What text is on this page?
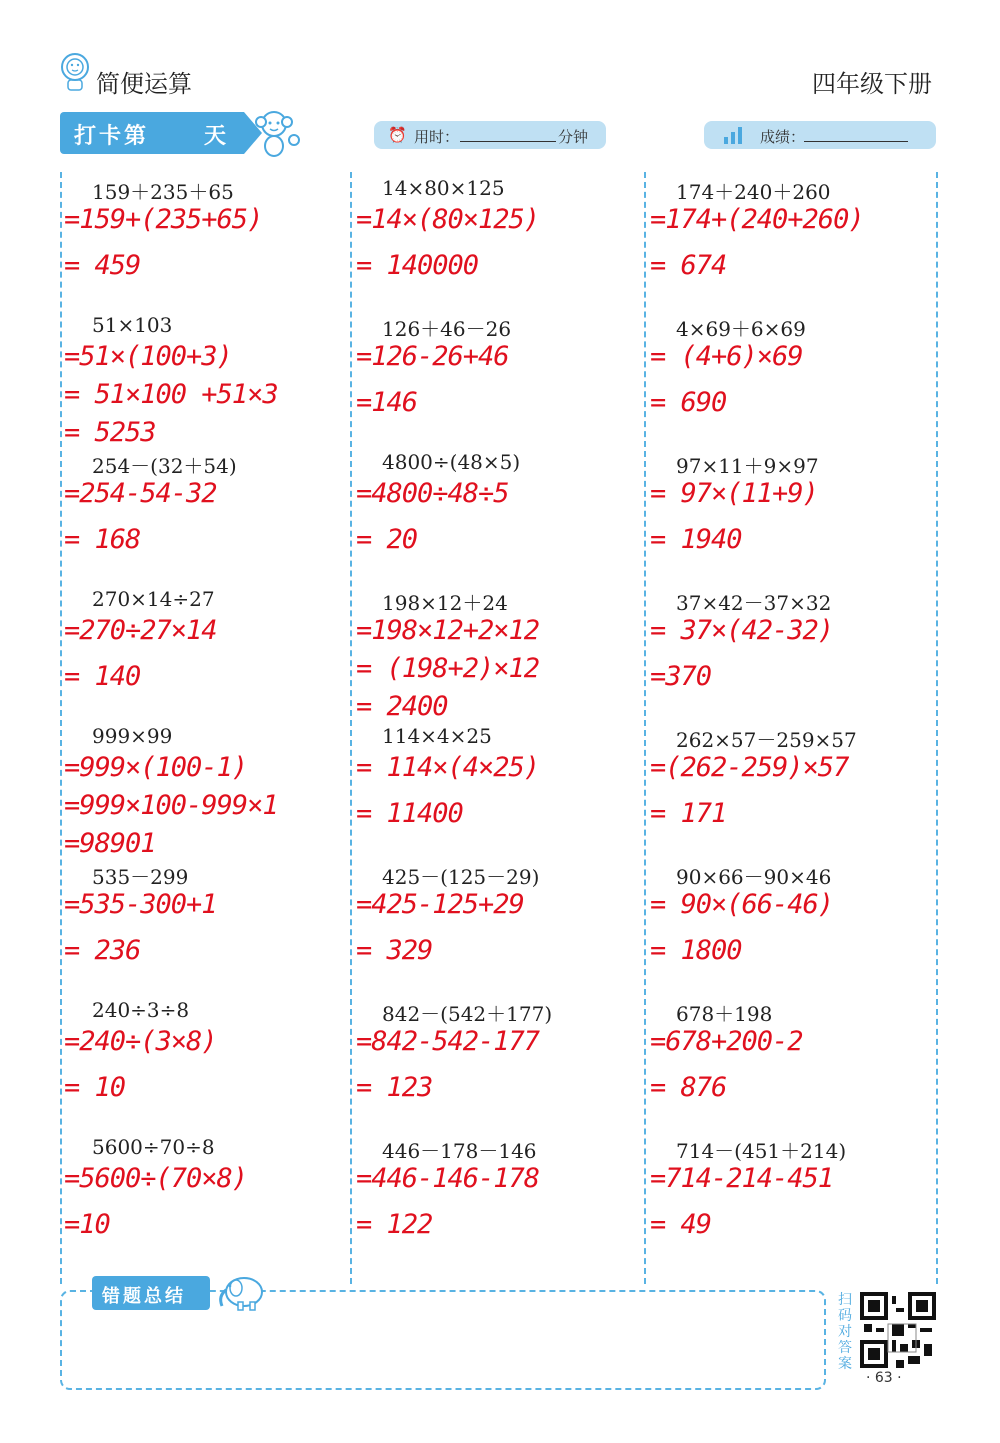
简便运算	四年级下册
打卡第 天	⏰ 用时：	分钟	成绩：
159＋235＋65
=159+(235+65)
= 459
51×103
=51×(100+3)
= 51×100 +51×3
= 5253
254－(32＋54)
=254-54-32
= 168
270×14÷27
=270÷27×14
= 140
999×99
=999×(100-1)
=999×100-999×1
=98901
535－299
=535-300+1
= 236
240÷3÷8
=240÷(3×8)
= 10
5600÷70÷8
=5600÷(70×8)
=10
14×80×125
=14×(80×125)
= 140000
126＋46－26
=126-26+46
=146
4800÷(48×5)
=4800÷48÷5
= 20
198×12＋24
=198×12+2×12
= (198+2)×12
= 2400
114×4×25
= 114×(4×25)
= 11400
425－(125－29)
=425-125+29
= 329
842－(542＋177)
=842-542-177
= 123
446－178－146
=446-146-178
= 122
174＋240＋260
=174+(240+260)
= 674
4×69＋6×69
= (4+6)×69
= 690
97×11＋9×97
= 97×(11+9)
= 1940
37×42－37×32
= 37×(42-32)
=370
262×57－259×57
=(262-259)×57
= 171
90×66－90×46
= 90×(66-46)
= 1800
678＋198
=678+200-2
= 876
714－(451＋214)
=714-214-451
= 49
错题总结	扫码对答案
· 63 ·
